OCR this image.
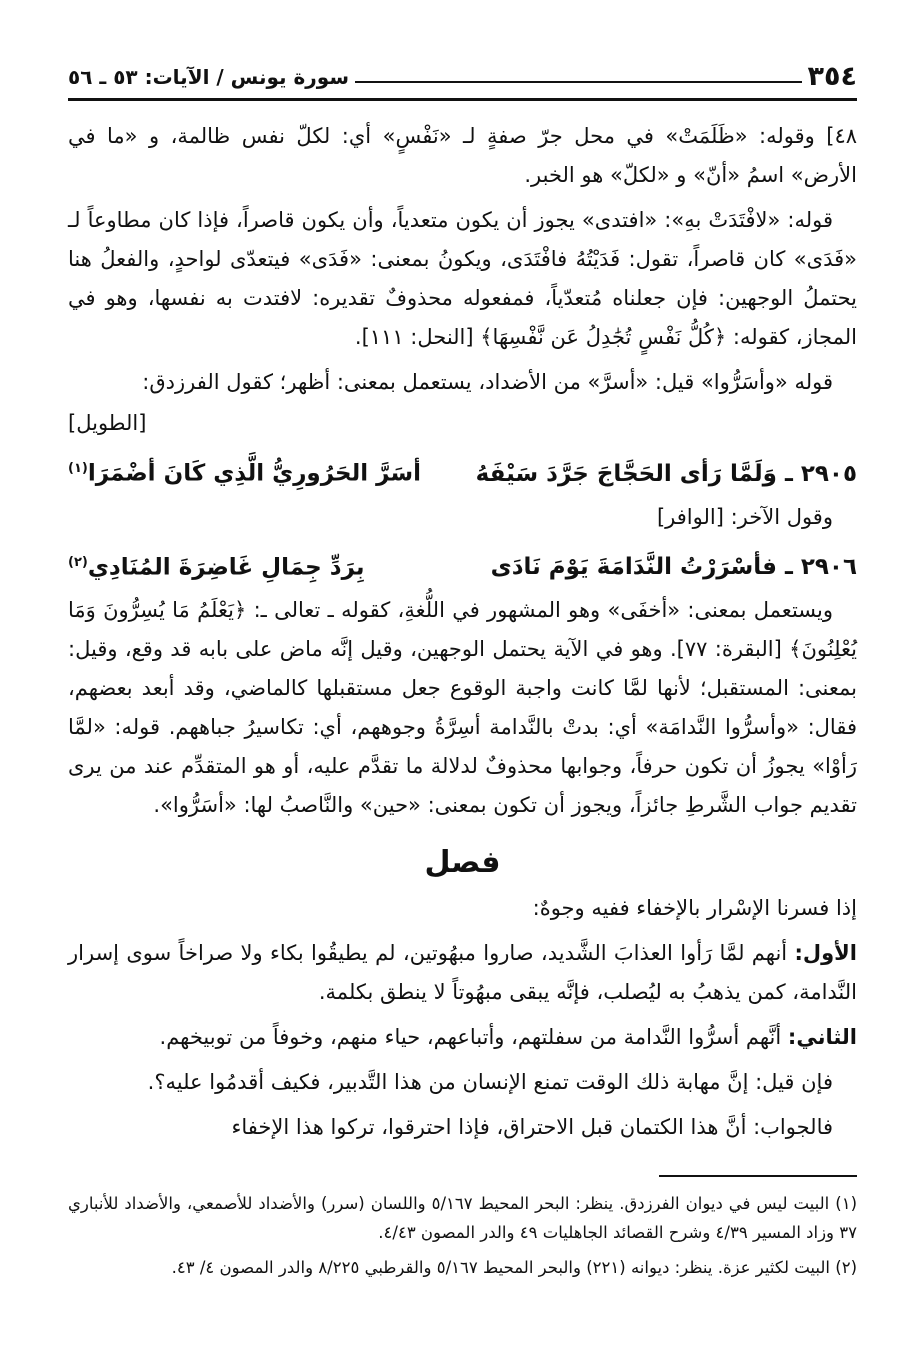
٣٥٤
سورة يونس / الآيات: ٥٣ ـ ٥٦

٤٨] وقوله: «ظَلَمَتْ» في محل جرّ صفةٍ لـ «نَفْسٍ» أي: لكلّ نفس ظالمة، و «ما في الأرض» اسمُ «أنّ» و «لكلّ» هو الخبر.

قوله: «لافْتَدَتْ بهِ»: «افتدى» يجوز أن يكون متعدياً، وأن يكون قاصراً، فإذا كان مطاوعاً لـ «فَدَى» كان قاصراً، تقول: فَدَيْتُهُ فافْتَدَى، ويكونُ بمعنى: «فَدَى» فيتعدّى لواحدٍ، والفعلُ هنا يحتملُ الوجهين: فإن جعلناه مُتعدّياً، فمفعوله محذوفٌ تقديره: لافتدت به نفسها، وهو في المجاز، كقوله: ﴿كُلُّ نَفْسٍ تُجَٰدِلُ عَن نَّفْسِهَا﴾ [النحل: ١١١].

قوله «وأسَرُّوا» قيل: «أسرَّ» من الأضداد، يستعمل بمعنى: أظهر؛ كقول الفرزدق:

[الطويل]

٢٩٠٥ ـ وَلَمَّا رَأى الحَجَّاجَ جَرَّدَ سَيْفَهُ
أسَرَّ الحَرُورِيُّ الَّذِي كَانَ أضْمَرَا$^{(١)}$

وقول الآخر: [الوافر]

٢٩٠٦ ـ فأسْرَرْتُ النَّدَامَةَ يَوْمَ نَادَى
بِرَدِّ جِمَالِ غَاضِرَةَ المُنَادِي$^{(٢)}$

ويستعمل بمعنى: «أخفَى» وهو المشهور في اللُّغةِ، كقوله ـ تعالى ـ: ﴿يَعْلَمُ مَا يُسِرُّونَ وَمَا يُعْلِنُونَ﴾ [البقرة: ٧٧]. وهو في الآية يحتمل الوجهين، وقيل إنَّه ماض على بابه قد وقع، وقيل: بمعنى: المستقبل؛ لأنها لمَّا كانت واجبة الوقوع جعل مستقبلها كالماضي، وقد أبعد بعضهم، فقال: «وأسرُّوا النَّدامَة» أي: بدتْ بالنَّدامة أسِرَّةُ وجوههم، أي: تكاسيرُ جباههم. قوله: «لمَّا رَأوْا» يجوزُ أن تكون حرفاً، وجوابها محذوفٌ لدلالة ما تقدَّم عليه، أو هو المتقدِّم عند من يرى تقديم جواب الشَّرطِ جائزاً، ويجوز أن تكون بمعنى: «حين» والنَّاصبُ لها: «أسَرُّوا».

فصل

إذا فسرنا الإسْرار بالإخفاء ففيه وجوهٌ:

الأول: أنهم لمَّا رَأوا العذابَ الشَّديد، صاروا مبهُوتين، لم يطيقُوا بكاء ولا صراخاً سوى إسرار النَّدامة، كمن يذهبُ به ليُصلب، فإنَّه يبقى مبهُوتاً لا ينطق بكلمة.

الثاني: أنَّهم أسرُّوا النَّدامة من سفلتهم، وأتباعهم، حياء منهم، وخوفاً من توبيخهم.

فإن قيل: إنَّ مهابة ذلك الوقت تمنع الإنسان من هذا التَّدبير، فكيف أقدمُوا عليه؟.

فالجواب: أنَّ هذا الكتمان قبل الاحتراق، فإذا احترقوا، تركوا هذا الإخفاء

(١) البيت ليس في ديوان الفرزدق. ينظر: البحر المحيط ٥/١٦٧ واللسان (سرر) والأضداد للأصمعي، والأضداد للأنباري ٣٧ وزاد المسير ٤/٣٩ وشرح القصائد الجاهليات ٤٩ والدر المصون ٤/٤٣.

(٢) البيت لكثير عزة. ينظر: ديوانه (٢٢١) والبحر المحيط ٥/١٦٧ والقرطبي ٨/٢٢٥ والدر المصون ٤/ ٤٣.
